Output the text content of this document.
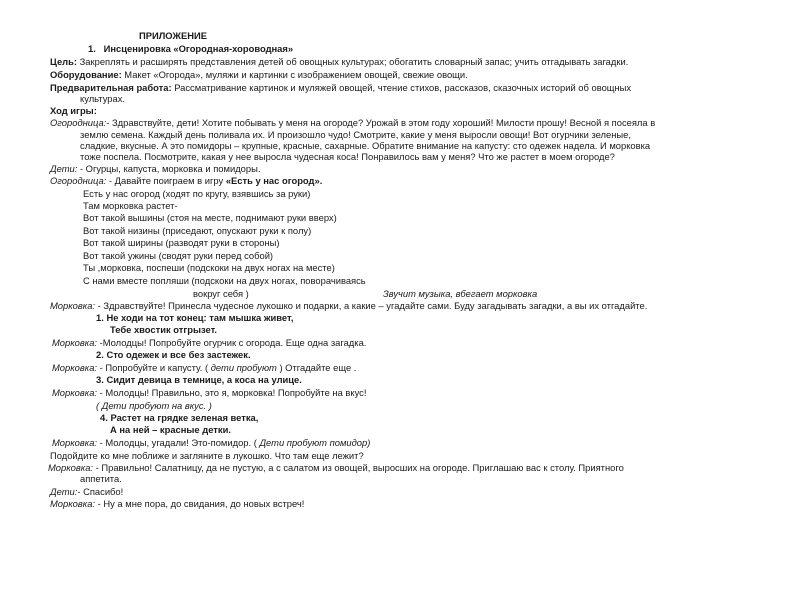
ПРИЛОЖЕНИЕ
1. Инсценировка «Огородная-хороводная»
Цель: Закреплять и расширять представления детей об овощных культурах; обогатить словарный запас; учить отгадывать загадки.
Оборудование: Макет «Огорода», муляжи и картинки с изображением овощей, свежие овощи.
Предварительная работа: Рассматривание картинок и муляжей овощей, чтение стихов, рассказов, сказочных историй об овощных
культурах.
Ход игры:
Огородница:- Здравствуйте, дети! Хотите побывать у меня на огороде? Урожай в этом году хороший! Милости прошу! Весной я посеяла в
землю семена. Каждый день поливала их. И произошло чудо! Смотрите, какие у меня выросли овощи! Вот огурчики зеленые,
сладкие, вкусные. А это помидоры – крупные, красные, сахарные. Обратите внимание на капусту: сто одежек надела. И морковка
тоже поспела. Посмотрите, какая у нее выросла чудесная коса! Понравилось вам у меня? Что же растет в моем огороде?
Дети: - Огурцы, капуста, морковка и помидоры.
Огородница: - Давайте поиграем в игру «Есть у нас огород».
Есть у нас огород (ходят по кругу, взявшись за руки)
Там морковка растет-
Вот такой вышины (стоя на месте, поднимают руки вверх)
Вот такой низины (приседают, опускают руки к полу)
Вот такой ширины (разводят руки в стороны)
Вот такой ужины (сводят руки перед собой)
Ты ,морковка, поспеши (подскоки на двух ногах на месте)
С нами вместе попляши (подскоки на двух ногах, поворачиваясь
вокруг себя )	Звучит музыка, вбегает морковка
Морковка: - Здравствуйте! Принесла чудесное лукошко и подарки, а какие – угадайте сами. Буду загадывать загадки, а вы их отгадайте.
1. Не ходи на тот конец: там мышка живет,
Тебе хвостик отгрызет.
Морковка: -Молодцы! Попробуйте огурчик с огорода. Еще одна загадка.
2. Сто одежек и все без застежек.
Морковка: - Попробуйте и капусту. ( дети пробуют ) Отгадайте еще .
3. Сидит девица в темнице, а коса на улице.
Морковка: - Молодцы! Правильно, это я, морковка! Попробуйте на вкус!
( Дети пробуют на вкус. )
4. Растет на грядке зеленая ветка,
А на ней – красные детки.
Морковка: - Молодцы, угадали! Это-помидор. ( Дети пробуют помидор)
Подойдите ко мне поближе и загляните в лукошко. Что там еще лежит?
Морковка: - Правильно! Салатницу, да не пустую, а с салатом из овощей, выросших на огороде. Приглашаю вас к столу. Приятного
аппетита.
Дети:- Спасибо!
Морковка: - Ну а мне пора, до свидания, до новых встреч!
